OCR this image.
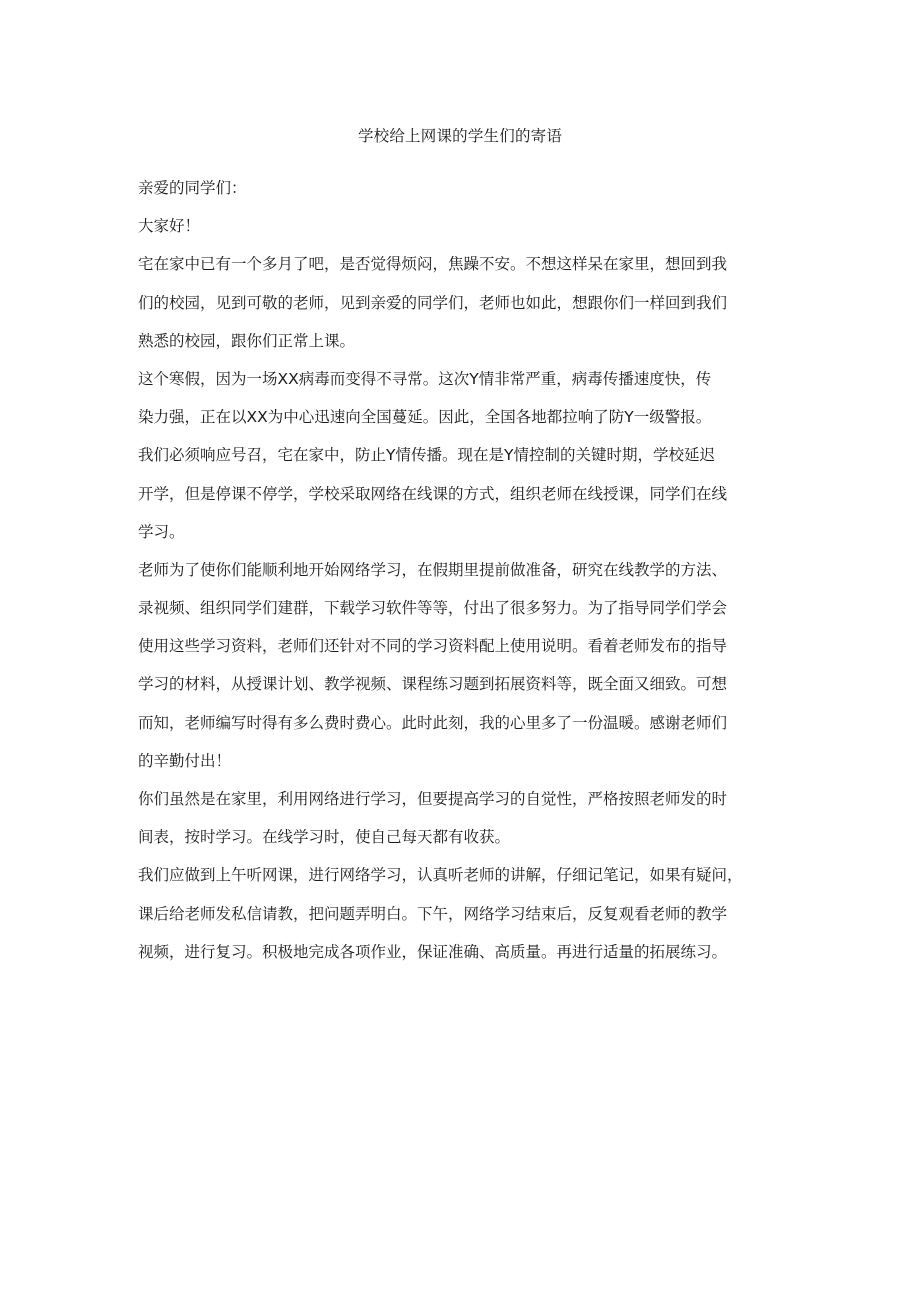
学校给上网课的学生们的寄语

亲爱的同学们：

大家好！

宅在家中已有一个多月了吧，是否觉得烦闷，焦躁不安。不想这样呆在家里，想回到我

们的校园，见到可敬的老师，见到亲爱的同学们，老师也如此，想跟你们一样回到我们

熟悉的校园，跟你们正常上课。

这个寒假，因为一场XX病毒而变得不寻常。这次Y情非常严重，病毒传播速度快，传

染力强，正在以XX为中心迅速向全国蔓延。因此，全国各地都拉响了防Y一级警报。

我们必须响应号召，宅在家中，防止Y情传播。现在是Y情控制的关键时期，学校延迟

开学，但是停课不停学，学校采取网络在线课的方式，组织老师在线授课，同学们在线

学习。

老师为了使你们能顺利地开始网络学习，在假期里提前做准备，研究在线教学的方法、

录视频、组织同学们建群，下载学习软件等等，付出了很多努力。为了指导同学们学会

使用这些学习资料，老师们还针对不同的学习资料配上使用说明。看着老师发布的指导

学习的材料，从授课计划、教学视频、课程练习题到拓展资料等，既全面又细致。可想

而知，老师编写时得有多么费时费心。此时此刻，我的心里多了一份温暖。感谢老师们

的辛勤付出！

你们虽然是在家里，利用网络进行学习，但要提高学习的自觉性，严格按照老师发的时

间表，按时学习。在线学习时，使自己每天都有收获。

我们应做到上午听网课，进行网络学习，认真听老师的讲解，仔细记笔记，如果有疑问，

课后给老师发私信请教，把问题弄明白。下午，网络学习结束后，反复观看老师的教学

视频，进行复习。积极地完成各项作业，保证准确、高质量。再进行适量的拓展练习。
